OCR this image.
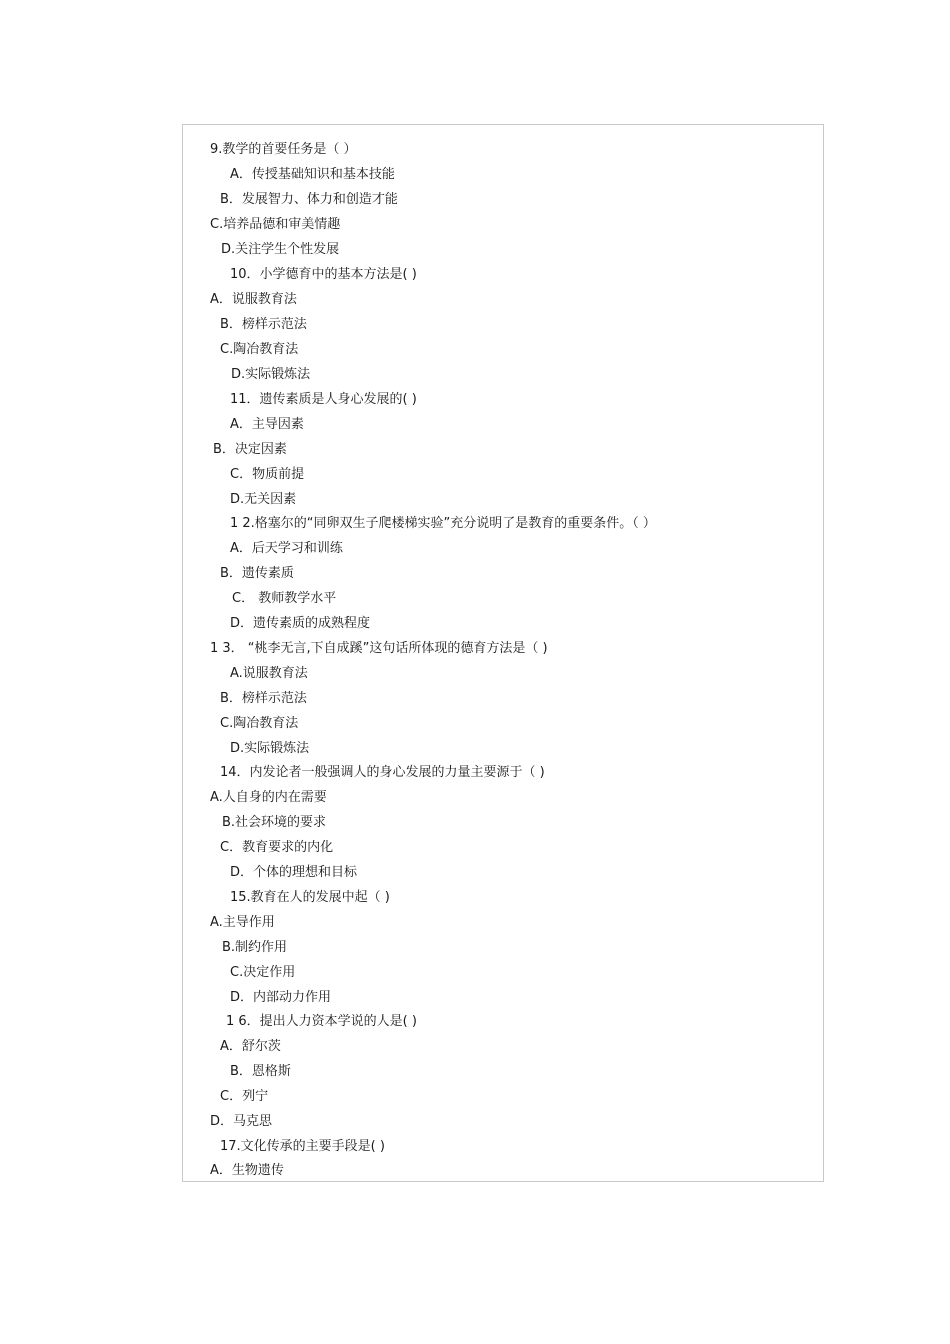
9.教学的首要任务是（ ）
A．传授基础知识和基本技能
B．发展智力、体力和创造才能
C.培养品德和审美情趣
D.关注学生个性发展
10．小学德育中的基本方法是( )
A．说服教育法
B．榜样示范法
C.陶冶教育法
D.实际锻炼法
11．遗传素质是人身心发展的( )
A．主导因素
B．决定因素
C．物质前提
D.无关因素
1 2.格塞尔的“同卵双生子爬楼梯实验”充分说明了是教育的重要条件。（ ）
A．后天学习和训练
B．遗传素质
C． 教师教学水平
D．遗传素质的成熟程度
1 3． “桃李无言,下自成蹊”这句话所体现的德育方法是（ )
A.说服教育法
B．榜样示范法
C.陶冶教育法
D.实际锻炼法
14．内发论者一般强调人的身心发展的力量主要源于（ )
A.人自身的内在需要
B.社会环境的要求
C．教育要求的内化
D．个体的理想和目标
15.教育在人的发展中起（ )
A.主导作用
B.制约作用
C.决定作用
D．内部动力作用
1 6．提出人力资本学说的人是( )
A．舒尔茨
B．恩格斯
C．列宁
D．马克思
17.文化传承的主要手段是( )
A．生物遗传
